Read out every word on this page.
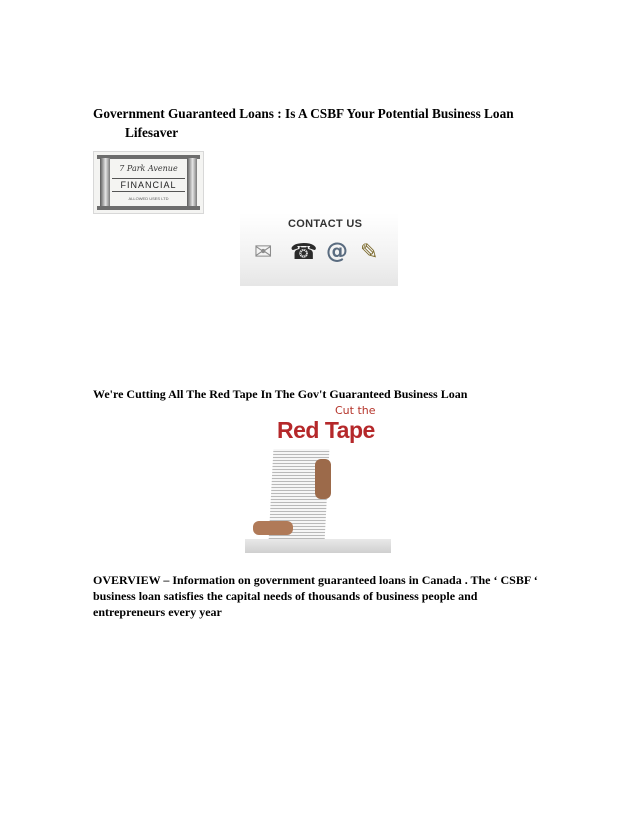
Government Guaranteed Loans : Is A CSBF Your Potential Business Loan
Lifesaver
7 Park Avenue
FINANCIAL
ALLOWED USES LTD
CONTACT US
✉ ☎ @ ✎
We're Cutting All The Red Tape In The Gov't Guaranteed Business Loan
Cut the
Red Tape
OVERVIEW – Information on government guaranteed loans in Canada . The ‘ CSBF ‘ business loan satisfies the capital needs of thousands of business people and entrepreneurs every year
